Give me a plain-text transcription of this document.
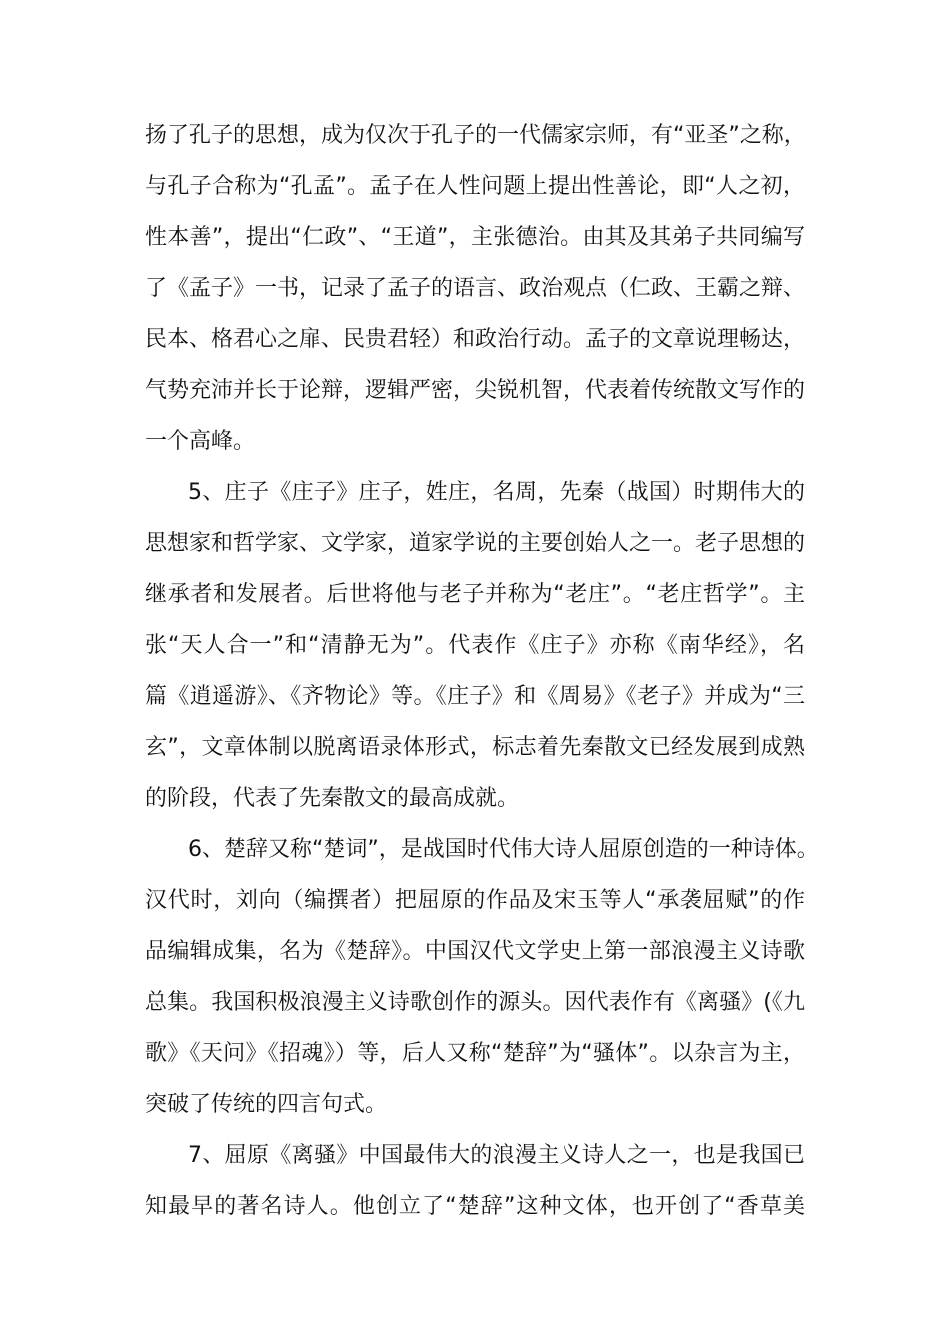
扬了孔子的思想，成为仅次于孔子的一代儒家宗师，有“亚圣”之称，
与孔子合称为“孔孟”。孟子在人性问题上提出性善论，即“人之初，
性本善”，提出“仁政”、“王道”，主张德治。由其及其弟子共同编写
了《孟子》一书，记录了孟子的语言、政治观点（仁政、王霸之辩、
民本、格君心之扉、民贵君轻）和政治行动。孟子的文章说理畅达，
气势充沛并长于论辩，逻辑严密，尖锐机智，代表着传统散文写作的
一个高峰。
5、庄子《庄子》庄子，姓庄，名周，先秦（战国）时期伟大的
思想家和哲学家、文学家，道家学说的主要创始人之一。老子思想的
继承者和发展者。后世将他与老子并称为“老庄”。“老庄哲学”。主
张“天人合一”和“清静无为”。代表作《庄子》亦称《南华经》，名
篇《逍遥游》、《齐物论》等。《庄子》和《周易》《老子》并成为“三
玄”，文章体制以脱离语录体形式，标志着先秦散文已经发展到成熟
的阶段，代表了先秦散文的最高成就。
6、楚辞又称“楚词”，是战国时代伟大诗人屈原创造的一种诗体。
汉代时，刘向（编撰者）把屈原的作品及宋玉等人“承袭屈赋”的作
品编辑成集，名为《楚辞》。中国汉代文学史上第一部浪漫主义诗歌
总集。我国积极浪漫主义诗歌创作的源头。因代表作有《离骚》(《九
歌》《天问》《招魂》）等，后人又称“楚辞”为“骚体”。以杂言为主，
突破了传统的四言句式。
7、屈原《离骚》中国最伟大的浪漫主义诗人之一，也是我国已
知最早的著名诗人。他创立了“楚辞”这种文体，也开创了“香草美
